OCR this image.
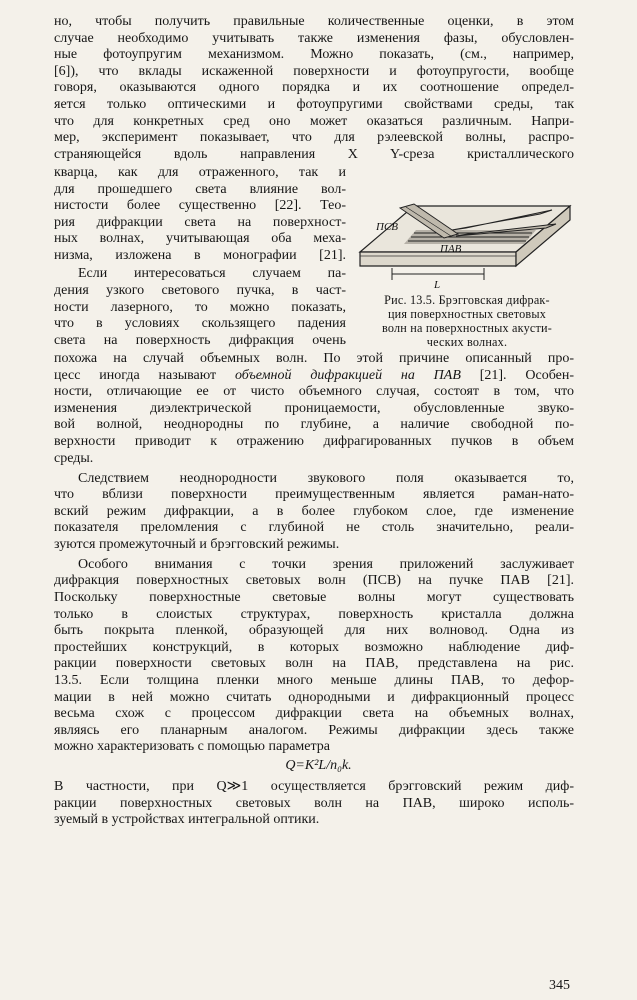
но, чтобы получить правильные количественные оценки, в этом
случае необходимо учитывать также изменения фазы, обусловлен-
ные фотоупругим механизмом. Можно показать, (см., например,
[6]), что вклады искаженной поверхности и фотоупругости, вообще
говоря, оказываются одного порядка и их соотношение определ-
яется только оптическими и фотоупругими свойствами среды, так
что для конкретных сред оно может оказаться различным. Напри-
мер, эксперимент показывает, что для рэлеевской волны, распро-
страняющейся вдоль направления X Y-среза кристаллического
кварца, как для отраженного, так и
для прошедшего света влияние вол-
нистости более существенно [22]. Тео-
рия дифракции света на поверхност-
ных волнах, учитывающая оба меха-
низма, изложена в монографии [21].
Если интересоваться случаем па-
дения узкого светового пучка, в част-
ности лазерного, то можно показать,
что в условиях скользящего падения
света на поверхность дифракция очень
похожа на случай объемных волн. По этой причине описанный про-
цесс иногда называют объемной дифракцией на ПАВ [21]. Особен-
ности, отличающие ее от чисто объемного случая, состоят в том, что
изменения диэлектрической проницаемости, обусловленные звуко-
вой волной, неоднородны по глубине, а наличие свободной по-
верхности приводит к отражению дифрагированных пучков в объем
среды.
Следствием неоднородности звукового поля оказывается то,
что вблизи поверхности преимущественным является раман-нато-
вский режим дифракции, а в более глубоком слое, где изменение
показателя преломления с глубиной не столь значительно, реали-
зуются промежуточный и брэгговский режимы.
Особого внимания с точки зрения приложений заслуживает
дифракция поверхностных световых волн (ПСВ) на пучке ПАВ [21].
Поскольку поверхностные световые волны могут существовать
только в слоистых структурах, поверхность кристалла должна
быть покрыта пленкой, образующей для них волновод. Одна из
простейших конструкций, в которых возможно наблюдение диф-
ракции поверхности световых волн на ПАВ, представлена на рис.
13.5. Если толщина пленки много меньше длины ПАВ, то дефор-
мации в ней можно считать однородными и дифракционный процесс
весьма схож с процессом дифракции света на объемных волнах,
являясь его планарным аналогом. Режимы дифракции здесь также
можно характеризовать с помощью параметра
Q=K²L/n₀k.
В частности, при Q≫1 осуществляется брэгговский режим диф-
ракции поверхностных световых волн на ПАВ, широко исполь-
зуемый в устройствах интегральной оптики.
ПСВ
ПАВ
L
Рис. 13.5. Брэгговская дифрак-
ция поверхностных световых
волн на поверхностных акусти-
ческих волнах.
345
